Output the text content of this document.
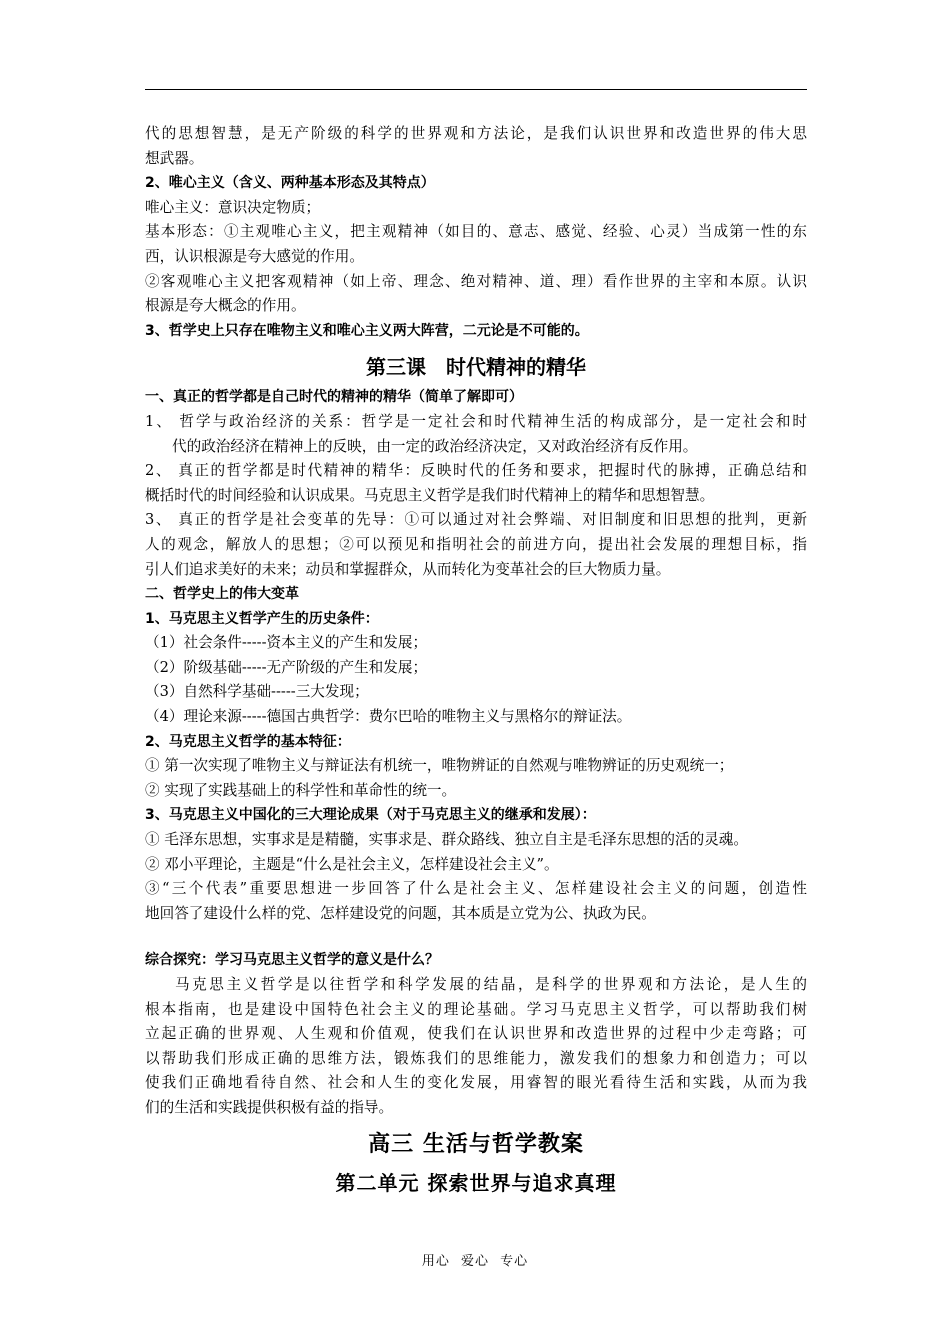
代的思想智慧，是无产阶级的科学的世界观和方法论，是我们认识世界和改造世界的伟大思
想武器。
2、唯心主义（含义、两种基本形态及其特点）
唯心主义：意识决定物质；
基本形态：①主观唯心主义，把主观精神（如目的、意志、感觉、经验、心灵）当成第一性的东
西，认识根源是夸大感觉的作用。
②客观唯心主义把客观精神（如上帝、理念、绝对精神、道、理）看作世界的主宰和本原。认识
根源是夸大概念的作用。
3、哲学史上只存在唯物主义和唯心主义两大阵营，二元论是不可能的。
第三课　时代精神的精华
一、真正的哲学都是自己时代的精神的精华（简单了解即可）
1、 哲学与政治经济的关系：哲学是一定社会和时代精神生活的构成部分，是一定社会和时
代的政治经济在精神上的反映，由一定的政治经济决定，又对政治经济有反作用。
2、 真正的哲学都是时代精神的精华：反映时代的任务和要求，把握时代的脉搏，正确总结和
概括时代的时间经验和认识成果。马克思主义哲学是我们时代精神上的精华和思想智慧。
3、 真正的哲学是社会变革的先导：①可以通过对社会弊端、对旧制度和旧思想的批判，更新
人的观念，解放人的思想；②可以预见和指明社会的前进方向，提出社会发展的理想目标，指
引人们追求美好的未来；动员和掌握群众，从而转化为变革社会的巨大物质力量。
二、哲学史上的伟大变革
1、马克思主义哲学产生的历史条件：
（1）社会条件-----资本主义的产生和发展；
（2）阶级基础-----无产阶级的产生和发展；
（3）自然科学基础-----三大发现；
（4）理论来源-----德国古典哲学：费尔巴哈的唯物主义与黑格尔的辩证法。
2、马克思主义哲学的基本特征：
① 第一次实现了唯物主义与辩证法有机统一，唯物辨证的自然观与唯物辨证的历史观统一；
② 实现了实践基础上的科学性和革命性的统一。
3、马克思主义中国化的三大理论成果（对于马克思主义的继承和发展）：
① 毛泽东思想，实事求是是精髓，实事求是、群众路线、独立自主是毛泽东思想的活的灵魂。
② 邓小平理论，主题是“什么是社会主义，怎样建设社会主义”。
③“三个代表”重要思想进一步回答了什么是社会主义、怎样建设社会主义的问题，创造性
地回答了建设什么样的党、怎样建设党的问题，其本质是立党为公、执政为民。
综合探究：学习马克思主义哲学的意义是什么？
马克思主义哲学是以往哲学和科学发展的结晶，是科学的世界观和方法论，是人生的
根本指南，也是建设中国特色社会主义的理论基础。学习马克思主义哲学，可以帮助我们树
立起正确的世界观、人生观和价值观，使我们在认识世界和改造世界的过程中少走弯路；可
以帮助我们形成正确的思维方法，锻炼我们的思维能力，激发我们的想象力和创造力；可以
使我们正确地看待自然、社会和人生的变化发展，用睿智的眼光看待生活和实践，从而为我
们的生活和实践提供积极有益的指导。
高三 生活与哲学教案
第二单元 探索世界与追求真理
用心 爱心 专心
